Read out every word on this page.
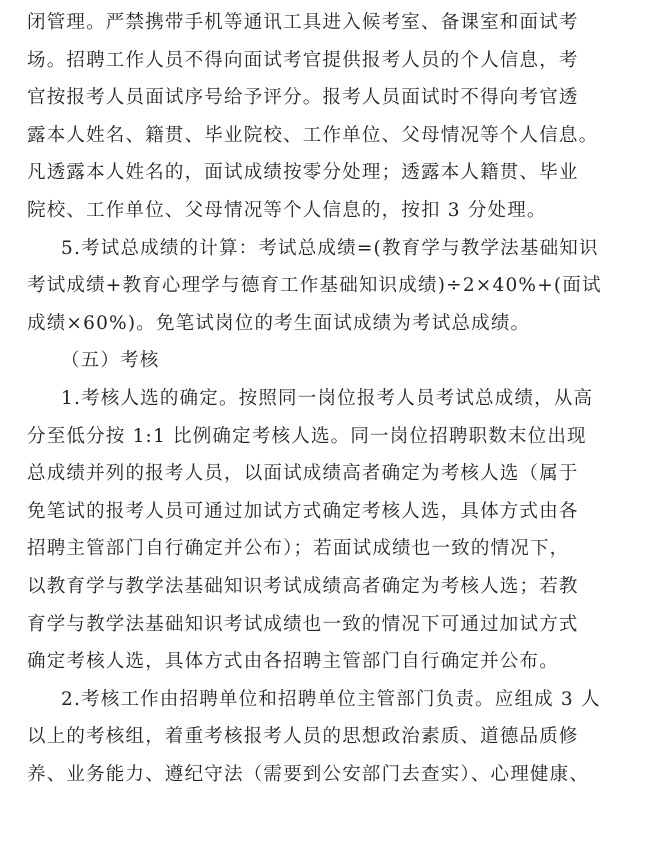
闭管理。严禁携带手机等通讯工具进入候考室、备课室和面试考
场。招聘工作人员不得向面试考官提供报考人员的个人信息，考
官按报考人员面试序号给予评分。报考人员面试时不得向考官透
露本人姓名、籍贯、毕业院校、工作单位、父母情况等个人信息。
凡透露本人姓名的，面试成绩按零分处理；透露本人籍贯、毕业
院校、工作单位、父母情况等个人信息的，按扣 3 分处理。
5.考试总成绩的计算：考试总成绩=(教育学与教学法基础知识
考试成绩+教育心理学与德育工作基础知识成绩)÷2×40%+(面试
成绩×60%)。免笔试岗位的考生面试成绩为考试总成绩。
（五）考核
1.考核人选的确定。按照同一岗位报考人员考试总成绩，从高
分至低分按 1:1 比例确定考核人选。同一岗位招聘职数末位出现
总成绩并列的报考人员，以面试成绩高者确定为考核人选（属于
免笔试的报考人员可通过加试方式确定考核人选，具体方式由各
招聘主管部门自行确定并公布）；若面试成绩也一致的情况下，
以教育学与教学法基础知识考试成绩高者确定为考核人选；若教
育学与教学法基础知识考试成绩也一致的情况下可通过加试方式
确定考核人选，具体方式由各招聘主管部门自行确定并公布。
2.考核工作由招聘单位和招聘单位主管部门负责。应组成 3 人
以上的考核组，着重考核报考人员的思想政治素质、道德品质修
养、业务能力、遵纪守法（需要到公安部门去查实）、心理健康、
